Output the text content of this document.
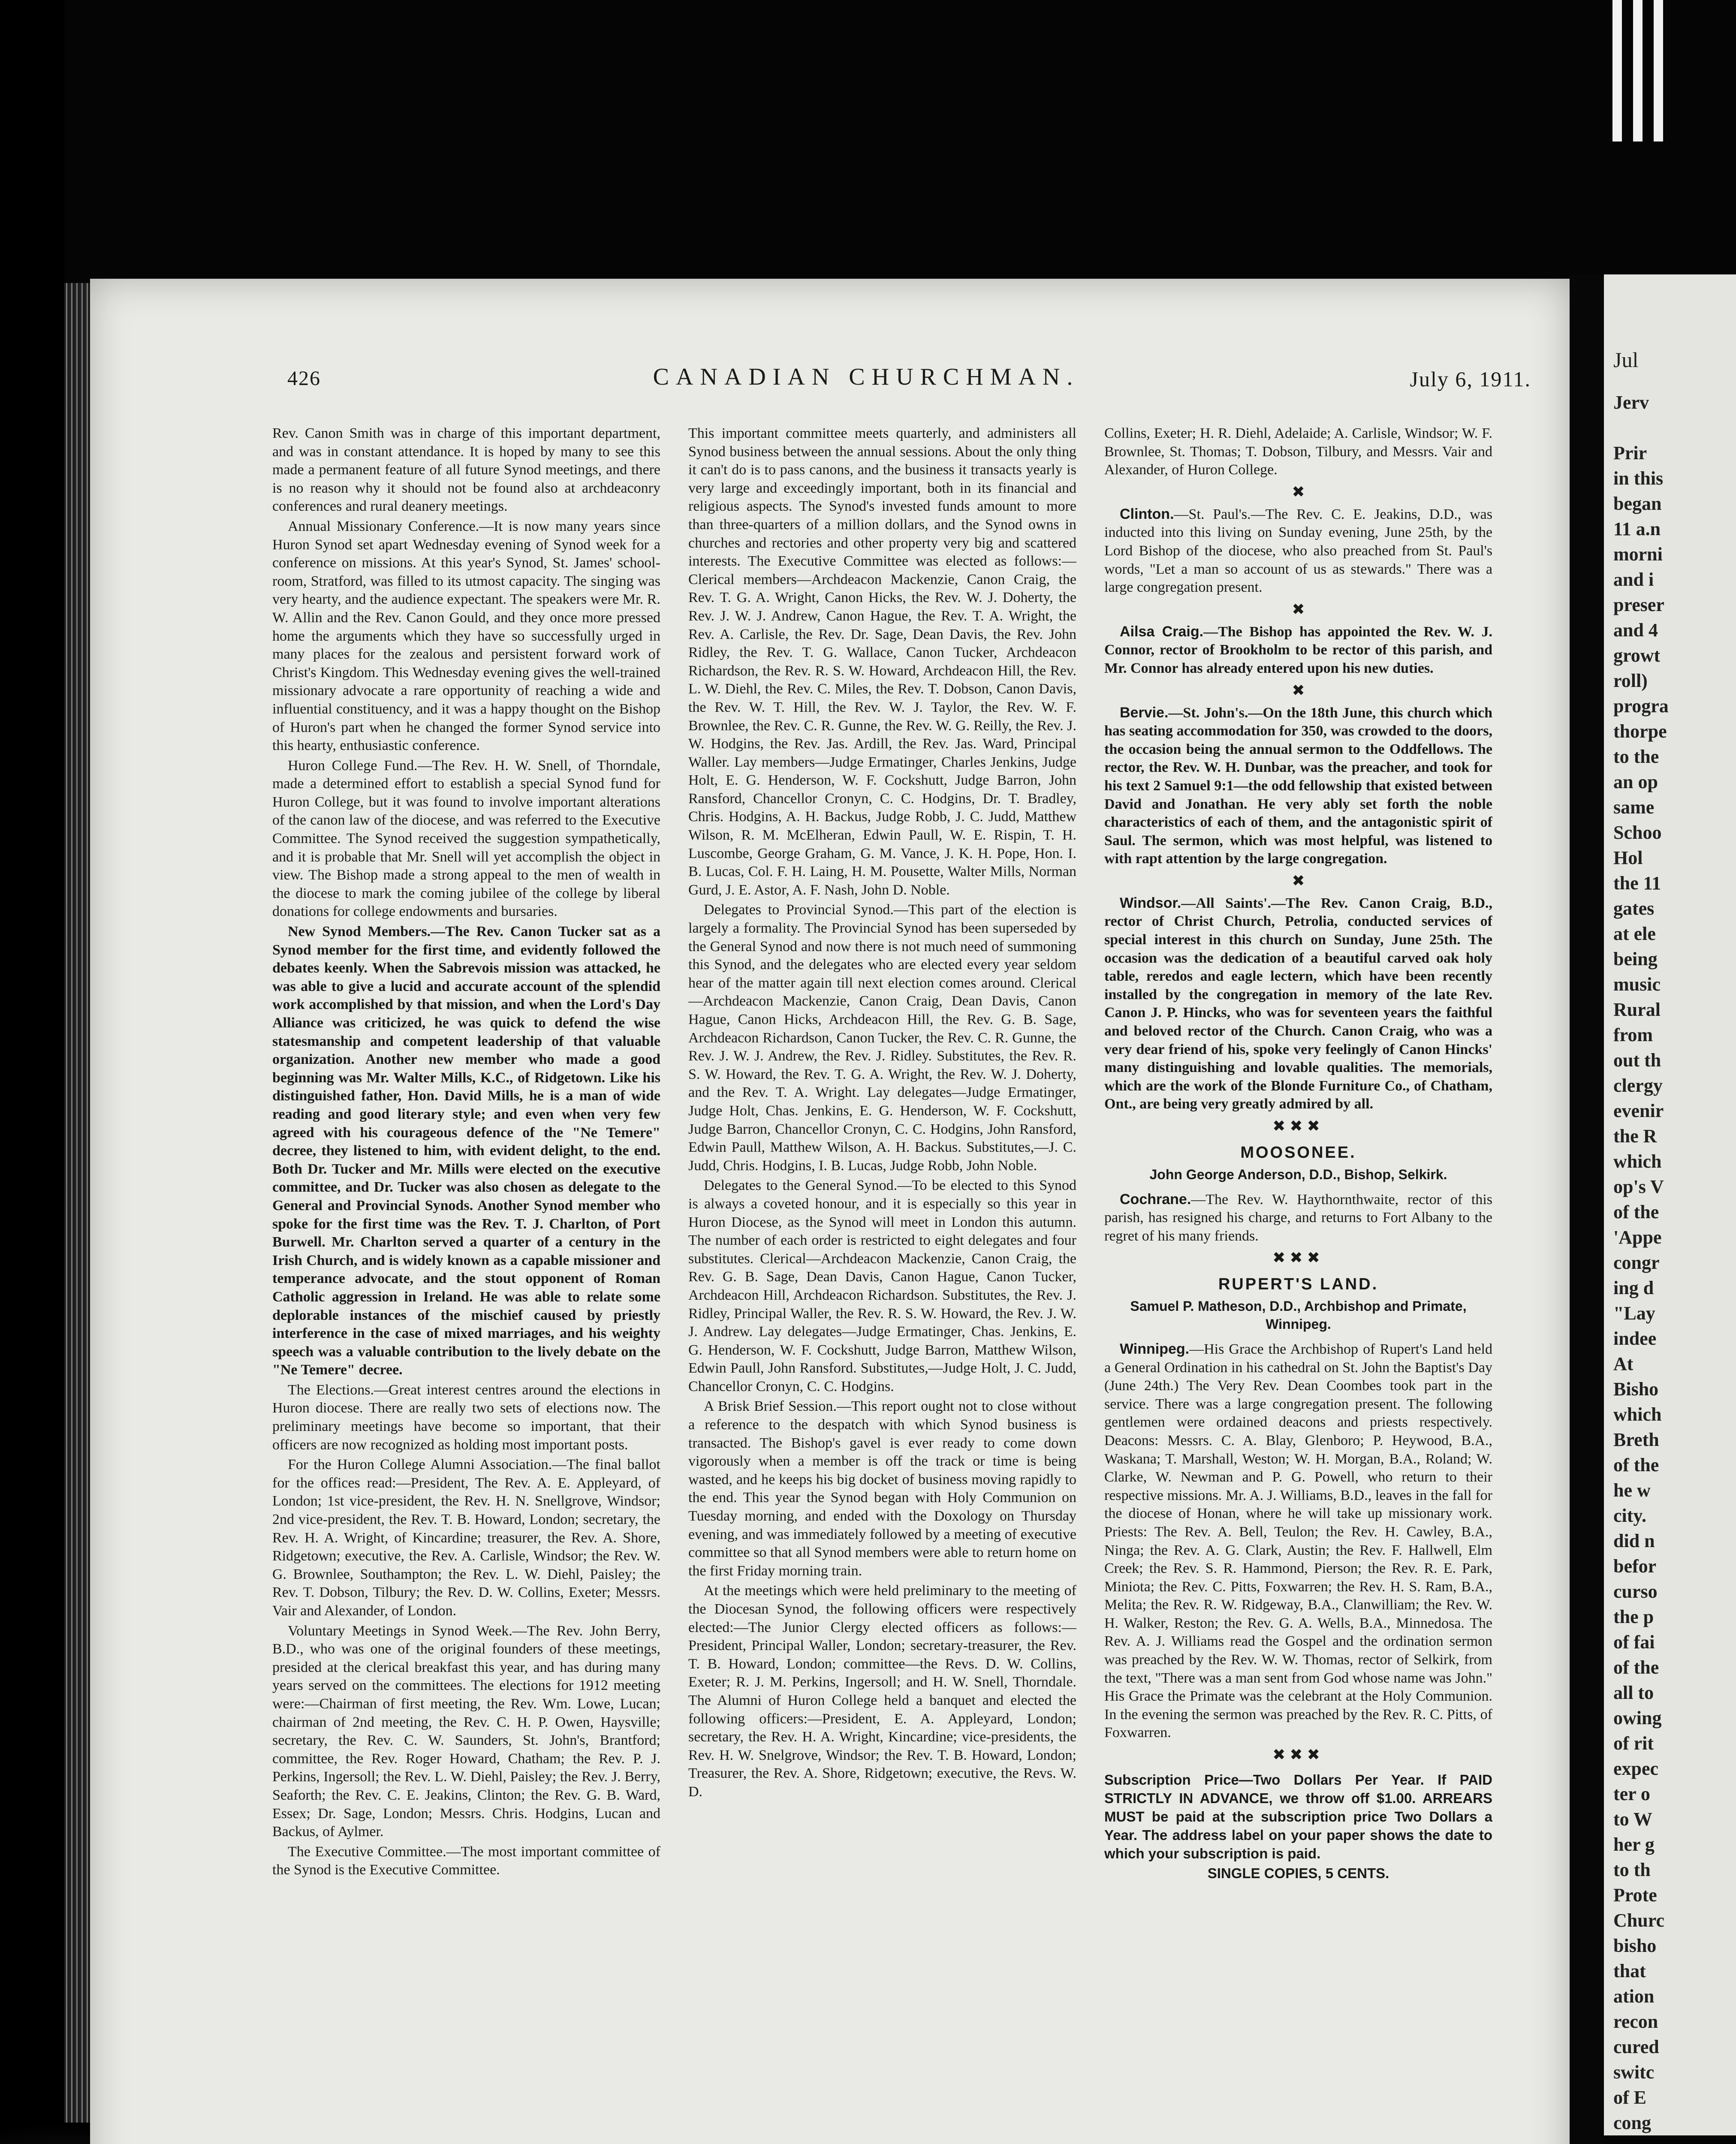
426	CANADIAN CHURCHMAN.	July 6, 1911.

Rev. Canon Smith was in charge of this important department, and was in constant attendance. It is hoped by many to see this made a permanent feature of all future Synod meetings, and there is no reason why it should not be found also at archdeaconry conferences and rural deanery meetings.

Annual Missionary Conference.—It is now many years since Huron Synod set apart Wednesday evening of Synod week for a conference on missions. At this year's Synod, St. James' school-room, Stratford, was filled to its utmost capacity. The singing was very hearty, and the audience expectant. The speakers were Mr. R. W. Allin and the Rev. Canon Gould, and they once more pressed home the arguments which they have so successfully urged in many places for the zealous and persistent forward work of Christ's Kingdom. This Wednesday evening gives the well-trained missionary advocate a rare opportunity of reaching a wide and influential constituency, and it was a happy thought on the Bishop of Huron's part when he changed the former Synod service into this hearty, enthusiastic conference.

Huron College Fund.—The Rev. H. W. Snell, of Thorndale, made a determined effort to establish a special Synod fund for Huron College, but it was found to involve important alterations of the canon law of the diocese, and was referred to the Executive Committee. The Synod received the suggestion sympathetically, and it is probable that Mr. Snell will yet accomplish the object in view. The Bishop made a strong appeal to the men of wealth in the diocese to mark the coming jubilee of the college by liberal donations for college endowments and bursaries.

New Synod Members.—The Rev. Canon Tucker sat as a Synod member for the first time, and evidently followed the debates keenly. When the Sabrevois mission was attacked, he was able to give a lucid and accurate account of the splendid work accomplished by that mission, and when the Lord's Day Alliance was criticized, he was quick to defend the wise statesmanship and competent leadership of that valuable organization. Another new member who made a good beginning was Mr. Walter Mills, K.C., of Ridgetown. Like his distinguished father, Hon. David Mills, he is a man of wide reading and good literary style; and even when very few agreed with his courageous defence of the "Ne Temere" decree, they listened to him, with evident delight, to the end. Both Dr. Tucker and Mr. Mills were elected on the executive committee, and Dr. Tucker was also chosen as delegate to the General and Provincial Synods. Another Synod member who spoke for the first time was the Rev. T. J. Charlton, of Port Burwell. Mr. Charlton served a quarter of a century in the Irish Church, and is widely known as a capable missioner and temperance advocate, and the stout opponent of Roman Catholic aggression in Ireland. He was able to relate some deplorable instances of the mischief caused by priestly interference in the case of mixed marriages, and his weighty speech was a valuable contribution to the lively debate on the "Ne Temere" decree.

The Elections.—Great interest centres around the elections in Huron diocese. There are really two sets of elections now. The preliminary meetings have become so important, that their officers are now recognized as holding most important posts.

For the Huron College Alumni Association.—The final ballot for the offices read:—President, The Rev. A. E. Appleyard, of London; 1st vice-president, the Rev. H. N. Snellgrove, Windsor; 2nd vice-president, the Rev. T. B. Howard, London; secretary, the Rev. H. A. Wright, of Kincardine; treasurer, the Rev. A. Shore, Ridgetown; executive, the Rev. A. Carlisle, Windsor; the Rev. W. G. Brownlee, Southampton; the Rev. L. W. Diehl, Paisley; the Rev. T. Dobson, Tilbury; the Rev. D. W. Collins, Exeter; Messrs. Vair and Alexander, of London.

Voluntary Meetings in Synod Week.—The Rev. John Berry, B.D., who was one of the original founders of these meetings, presided at the clerical breakfast this year, and has during many years served on the committees. The elections for 1912 meeting were:—Chairman of first meeting, the Rev. Wm. Lowe, Lucan; chairman of 2nd meeting, the Rev. C. H. P. Owen, Haysville; secretary, the Rev. C. W. Saunders, St. John's, Brantford; committee, the Rev. Roger Howard, Chatham; the Rev. P. J. Perkins, Ingersoll; the Rev. L. W. Diehl, Paisley; the Rev. J. Berry, Seaforth; the Rev. C. E. Jeakins, Clinton; the Rev. G. B. Ward, Essex; Dr. Sage, London; Messrs. Chris. Hodgins, Lucan and Backus, of Aylmer.

The Executive Committee.—The most important committee of the Synod is the Executive Committee.

This important committee meets quarterly, and administers all Synod business between the annual sessions. About the only thing it can't do is to pass canons, and the business it transacts yearly is very large and exceedingly important, both in its financial and religious aspects. The Synod's invested funds amount to more than three-quarters of a million dollars, and the Synod owns in churches and rectories and other property very big and scattered interests. The Executive Committee was elected as follows:—Clerical members—Archdeacon Mackenzie, Canon Craig, the Rev. T. G. A. Wright, Canon Hicks, the Rev. W. J. Doherty, the Rev. J. W. J. Andrew, Canon Hague, the Rev. T. A. Wright, the Rev. A. Carlisle, the Rev. Dr. Sage, Dean Davis, the Rev. John Ridley, the Rev. T. G. Wallace, Canon Tucker, Archdeacon Richardson, the Rev. R. S. W. Howard, Archdeacon Hill, the Rev. L. W. Diehl, the Rev. C. Miles, the Rev. T. Dobson, Canon Davis, the Rev. W. T. Hill, the Rev. W. J. Taylor, the Rev. W. F. Brownlee, the Rev. C. R. Gunne, the Rev. W. G. Reilly, the Rev. J. W. Hodgins, the Rev. Jas. Ardill, the Rev. Jas. Ward, Principal Waller. Lay members—Judge Ermatinger, Charles Jenkins, Judge Holt, E. G. Henderson, W. F. Cockshutt, Judge Barron, John Ransford, Chancellor Cronyn, C. C. Hodgins, Dr. T. Bradley, Chris. Hodgins, A. H. Backus, Judge Robb, J. C. Judd, Matthew Wilson, R. M. McElheran, Edwin Paull, W. E. Rispin, T. H. Luscombe, George Graham, G. M. Vance, J. K. H. Pope, Hon. I. B. Lucas, Col. F. H. Laing, H. M. Pousette, Walter Mills, Norman Gurd, J. E. Astor, A. F. Nash, John D. Noble.

Delegates to Provincial Synod.—This part of the election is largely a formality. The Provincial Synod has been superseded by the General Synod and now there is not much need of summoning this Synod, and the delegates who are elected every year seldom hear of the matter again till next election comes around. Clerical—Archdeacon Mackenzie, Canon Craig, Dean Davis, Canon Hague, Canon Hicks, Archdeacon Hill, the Rev. G. B. Sage, Archdeacon Richardson, Canon Tucker, the Rev. C. R. Gunne, the Rev. J. W. J. Andrew, the Rev. J. Ridley. Substitutes, the Rev. R. S. W. Howard, the Rev. T. G. A. Wright, the Rev. W. J. Doherty, and the Rev. T. A. Wright. Lay delegates—Judge Ermatinger, Judge Holt, Chas. Jenkins, E. G. Henderson, W. F. Cockshutt, Judge Barron, Chancellor Cronyn, C. C. Hodgins, John Ransford, Edwin Paull, Matthew Wilson, A. H. Backus. Substitutes,—J. C. Judd, Chris. Hodgins, I. B. Lucas, Judge Robb, John Noble.

Delegates to the General Synod.—To be elected to this Synod is always a coveted honour, and it is especially so this year in Huron Diocese, as the Synod will meet in London this autumn. The number of each order is restricted to eight delegates and four substitutes. Clerical—Archdeacon Mackenzie, Canon Craig, the Rev. G. B. Sage, Dean Davis, Canon Hague, Canon Tucker, Archdeacon Hill, Archdeacon Richardson. Substitutes, the Rev. J. Ridley, Principal Waller, the Rev. R. S. W. Howard, the Rev. J. W. J. Andrew. Lay delegates—Judge Ermatinger, Chas. Jenkins, E. G. Henderson, W. F. Cockshutt, Judge Barron, Matthew Wilson, Edwin Paull, John Ransford. Substitutes,—Judge Holt, J. C. Judd, Chancellor Cronyn, C. C. Hodgins.

A Brisk Brief Session.—This report ought not to close without a reference to the despatch with which Synod business is transacted. The Bishop's gavel is ever ready to come down vigorously when a member is off the track or time is being wasted, and he keeps his big docket of business moving rapidly to the end. This year the Synod began with Holy Communion on Tuesday morning, and ended with the Doxology on Thursday evening, and was immediately followed by a meeting of executive committee so that all Synod members were able to return home on the first Friday morning train.

At the meetings which were held preliminary to the meeting of the Diocesan Synod, the following officers were respectively elected:—The Junior Clergy elected officers as follows:—President, Principal Waller, London; secretary-treasurer, the Rev. T. B. Howard, London; committee—the Revs. D. W. Collins, Exeter; R. J. M. Perkins, Ingersoll; and H. W. Snell, Thorndale. The Alumni of Huron College held a banquet and elected the following officers:—President, E. A. Appleyard, London; secretary, the Rev. H. A. Wright, Kincardine; vice-presidents, the Rev. H. W. Snelgrove, Windsor; the Rev. T. B. Howard, London; Treasurer, the Rev. A. Shore, Ridgetown; executive, the Revs. W. D.

Collins, Exeter; H. R. Diehl, Adelaide; A. Carlisle, Windsor; W. F. Brownlee, St. Thomas; T. Dobson, Tilbury, and Messrs. Vair and Alexander, of Huron College.

✖

Clinton.—St. Paul's.—The Rev. C. E. Jeakins, D.D., was inducted into this living on Sunday evening, June 25th, by the Lord Bishop of the diocese, who also preached from St. Paul's words, "Let a man so account of us as stewards." There was a large congregation present.

✖

Ailsa Craig.—The Bishop has appointed the Rev. W. J. Connor, rector of Brookholm to be rector of this parish, and Mr. Connor has already entered upon his new duties.

✖

Bervie.—St. John's.—On the 18th June, this church which has seating accommodation for 350, was crowded to the doors, the occasion being the annual sermon to the Oddfellows. The rector, the Rev. W. H. Dunbar, was the preacher, and took for his text 2 Samuel 9:1—the odd fellowship that existed between David and Jonathan. He very ably set forth the noble characteristics of each of them, and the antagonistic spirit of Saul. The sermon, which was most helpful, was listened to with rapt attention by the large congregation.

✖

Windsor.—All Saints'.—The Rev. Canon Craig, B.D., rector of Christ Church, Petrolia, conducted services of special interest in this church on Sunday, June 25th. The occasion was the dedication of a beautiful carved oak holy table, reredos and eagle lectern, which have been recently installed by the congregation in memory of the late Rev. Canon J. P. Hincks, who was for seventeen years the faithful and beloved rector of the Church. Canon Craig, who was a very dear friend of his, spoke very feelingly of Canon Hincks' many distinguishing and lovable qualities. The memorials, which are the work of the Blonde Furniture Co., of Chatham, Ont., are being very greatly admired by all.

✖✖✖
MOOSONEE.
John George Anderson, D.D., Bishop, Selkirk.

Cochrane.—The Rev. W. Haythornthwaite, rector of this parish, has resigned his charge, and returns to Fort Albany to the regret of his many friends.

✖✖✖
RUPERT'S LAND.
Samuel P. Matheson, D.D., Archbishop and Primate, Winnipeg.

Winnipeg.—His Grace the Archbishop of Rupert's Land held a General Ordination in his cathedral on St. John the Baptist's Day (June 24th.) The Very Rev. Dean Coombes took part in the service. There was a large congregation present. The following gentlemen were ordained deacons and priests respectively. Deacons: Messrs. C. A. Blay, Glenboro; P. Heywood, B.A., Waskana; T. Marshall, Weston; W. H. Morgan, B.A., Roland; W. Clarke, W. Newman and P. G. Powell, who return to their respective missions. Mr. A. J. Williams, B.D., leaves in the fall for the diocese of Honan, where he will take up missionary work. Priests: The Rev. A. Bell, Teulon; the Rev. H. Cawley, B.A., Ninga; the Rev. A. G. Clark, Austin; the Rev. F. Hallwell, Elm Creek; the Rev. S. R. Hammond, Pierson; the Rev. R. E. Park, Miniota; the Rev. C. Pitts, Foxwarren; the Rev. H. S. Ram, B.A., Melita; the Rev. R. W. Ridgeway, B.A., Clanwilliam; the Rev. W. H. Walker, Reston; the Rev. G. A. Wells, B.A., Minnedosa. The Rev. A. J. Williams read the Gospel and the ordination sermon was preached by the Rev. W. W. Thomas, rector of Selkirk, from the text, "There was a man sent from God whose name was John." His Grace the Primate was the celebrant at the Holy Communion. In the evening the sermon was preached by the Rev. R. C. Pitts, of Foxwarren.

✖✖✖
Subscription Price—Two Dollars Per Year. If PAID STRICTLY IN ADVANCE, we throw off $1.00. ARREARS MUST be paid at the subscription price Two Dollars a Year. The address label on your paper shows the date to which your subscription is paid.
SINGLE COPIES, 5 CENTS.
Jul
Jerv

Prir
in this
began
11 a.n
morni
and i
preser
and 4
growt
roll)
progra
thorpe
to the
an op
same
Schoo
Hol
the 11
gates
at ele
being
music
Rural
from
out th
clergy
evenir
the R
which
op's V
of the
'Appe
congr
ing d
"Lay
indee
At
Bisho
which
Breth
of the
he w
city.
did n
befor
curso
the p
of fai
of the
all to
owing
of rit
expec
ter o
to W
her g
to th
Prote
Churc
bisho
that
ation
recon
cured
switc
of E
cong
